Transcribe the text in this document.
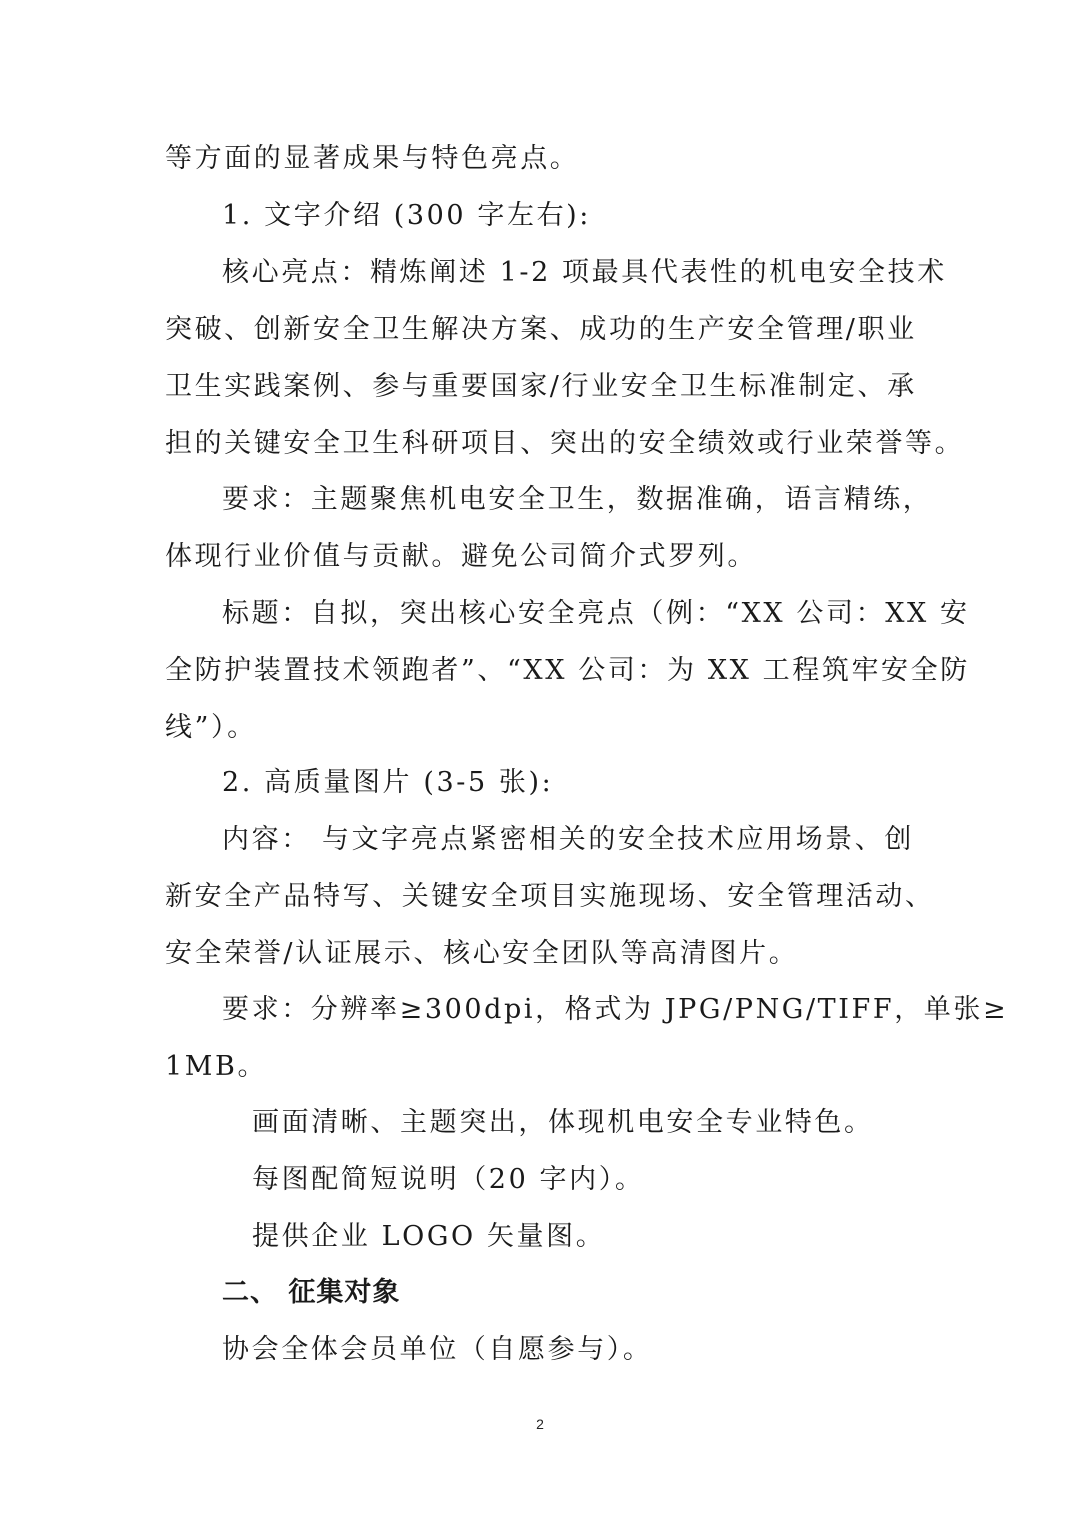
等方面的显著成果与特色亮点。
1. 文字介绍 (300 字左右):
核心亮点：精炼阐述 1-2 项最具代表性的机电安全技术
突破、创新安全卫生解决方案、成功的生产安全管理/职业
卫生实践案例、参与重要国家/行业安全卫生标准制定、承
担的关键安全卫生科研项目、突出的安全绩效或行业荣誉等。
要求：主题聚焦机电安全卫生，数据准确，语言精练，
体现行业价值与贡献。避免公司简介式罗列。
标题：自拟，突出核心安全亮点（例：“XX 公司：XX 安
全防护装置技术领跑者”、“XX 公司：为 XX 工程筑牢安全防
线”）。
2. 高质量图片 (3-5 张):
内容： 与文字亮点紧密相关的安全技术应用场景、创
新安全产品特写、关键安全项目实施现场、安全管理活动、
安全荣誉/认证展示、核心安全团队等高清图片。
要求：分辨率≥300dpi，格式为 JPG/PNG/TIFF，单张≥
1MB。
画面清晰、主题突出，体现机电安全专业特色。
每图配简短说明（20 字内）。
提供企业 LOGO 矢量图。
二、 征集对象
协会全体会员单位（自愿参与）。
2
